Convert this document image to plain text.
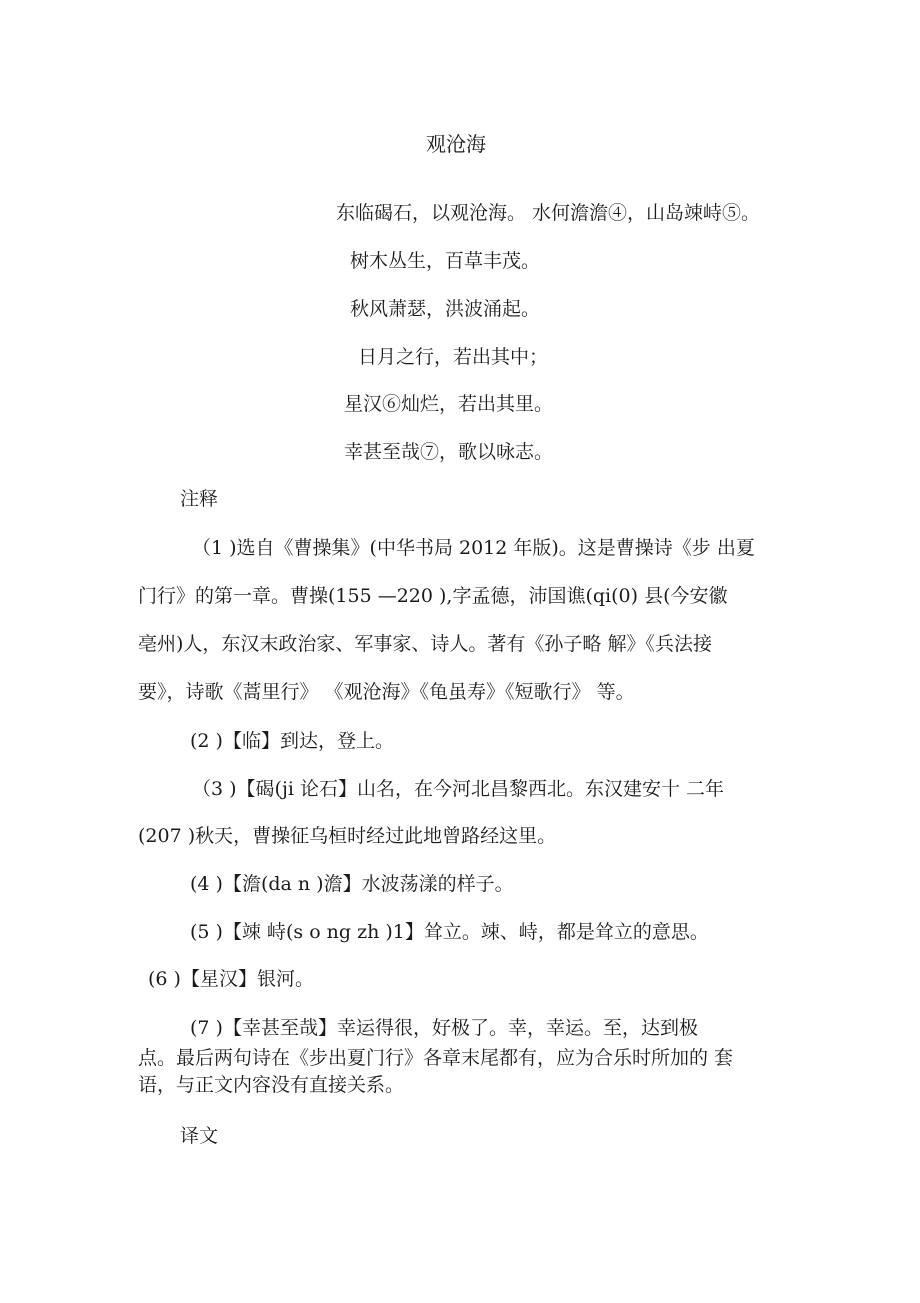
观沧海
东临碣石，以观沧海。 水何澹澹④，山岛竦峙⑤。
树木丛生，百草丰茂。
秋风萧瑟，洪波涌起。
日月之行，若出其中；
星汉⑥灿烂，若出其里。
幸甚至哉⑦，歌以咏志。
注释
（1 )选自《曹操集》(中华书局 2012 年版)。这是曹操诗《步 出夏
门行》的第一章。曹操(155 —220 ),字孟德，沛国谯(qi(0) 县(今安徽
亳州)人，东汉末政治家、军事家、诗人。著有《孙子略 解》《兵法接
要》，诗歌《蒿里行》 《观沧海》《龟虽寿》《短歌行》 等。
(2 )【临】到达，登上。
（3 )【碣(ji 论石】山名，在今河北昌黎西北。东汉建安十 二年
(207 )秋天，曹操征乌桓时经过此地曾路经这里。
(4 )【澹(da n )澹】水波荡漾的样子。
(5 )【竦 峙(s o ng zh )1】耸立。竦、峙，都是耸立的意思。
(6 )【星汉】银河。
(7 )【幸甚至哉】幸运得很，好极了。幸，幸运。至，达到极
点。最后两句诗在《步出夏门行》各章末尾都有，应为合乐时所加的 套
语，与正文内容没有直接关系。
译文
